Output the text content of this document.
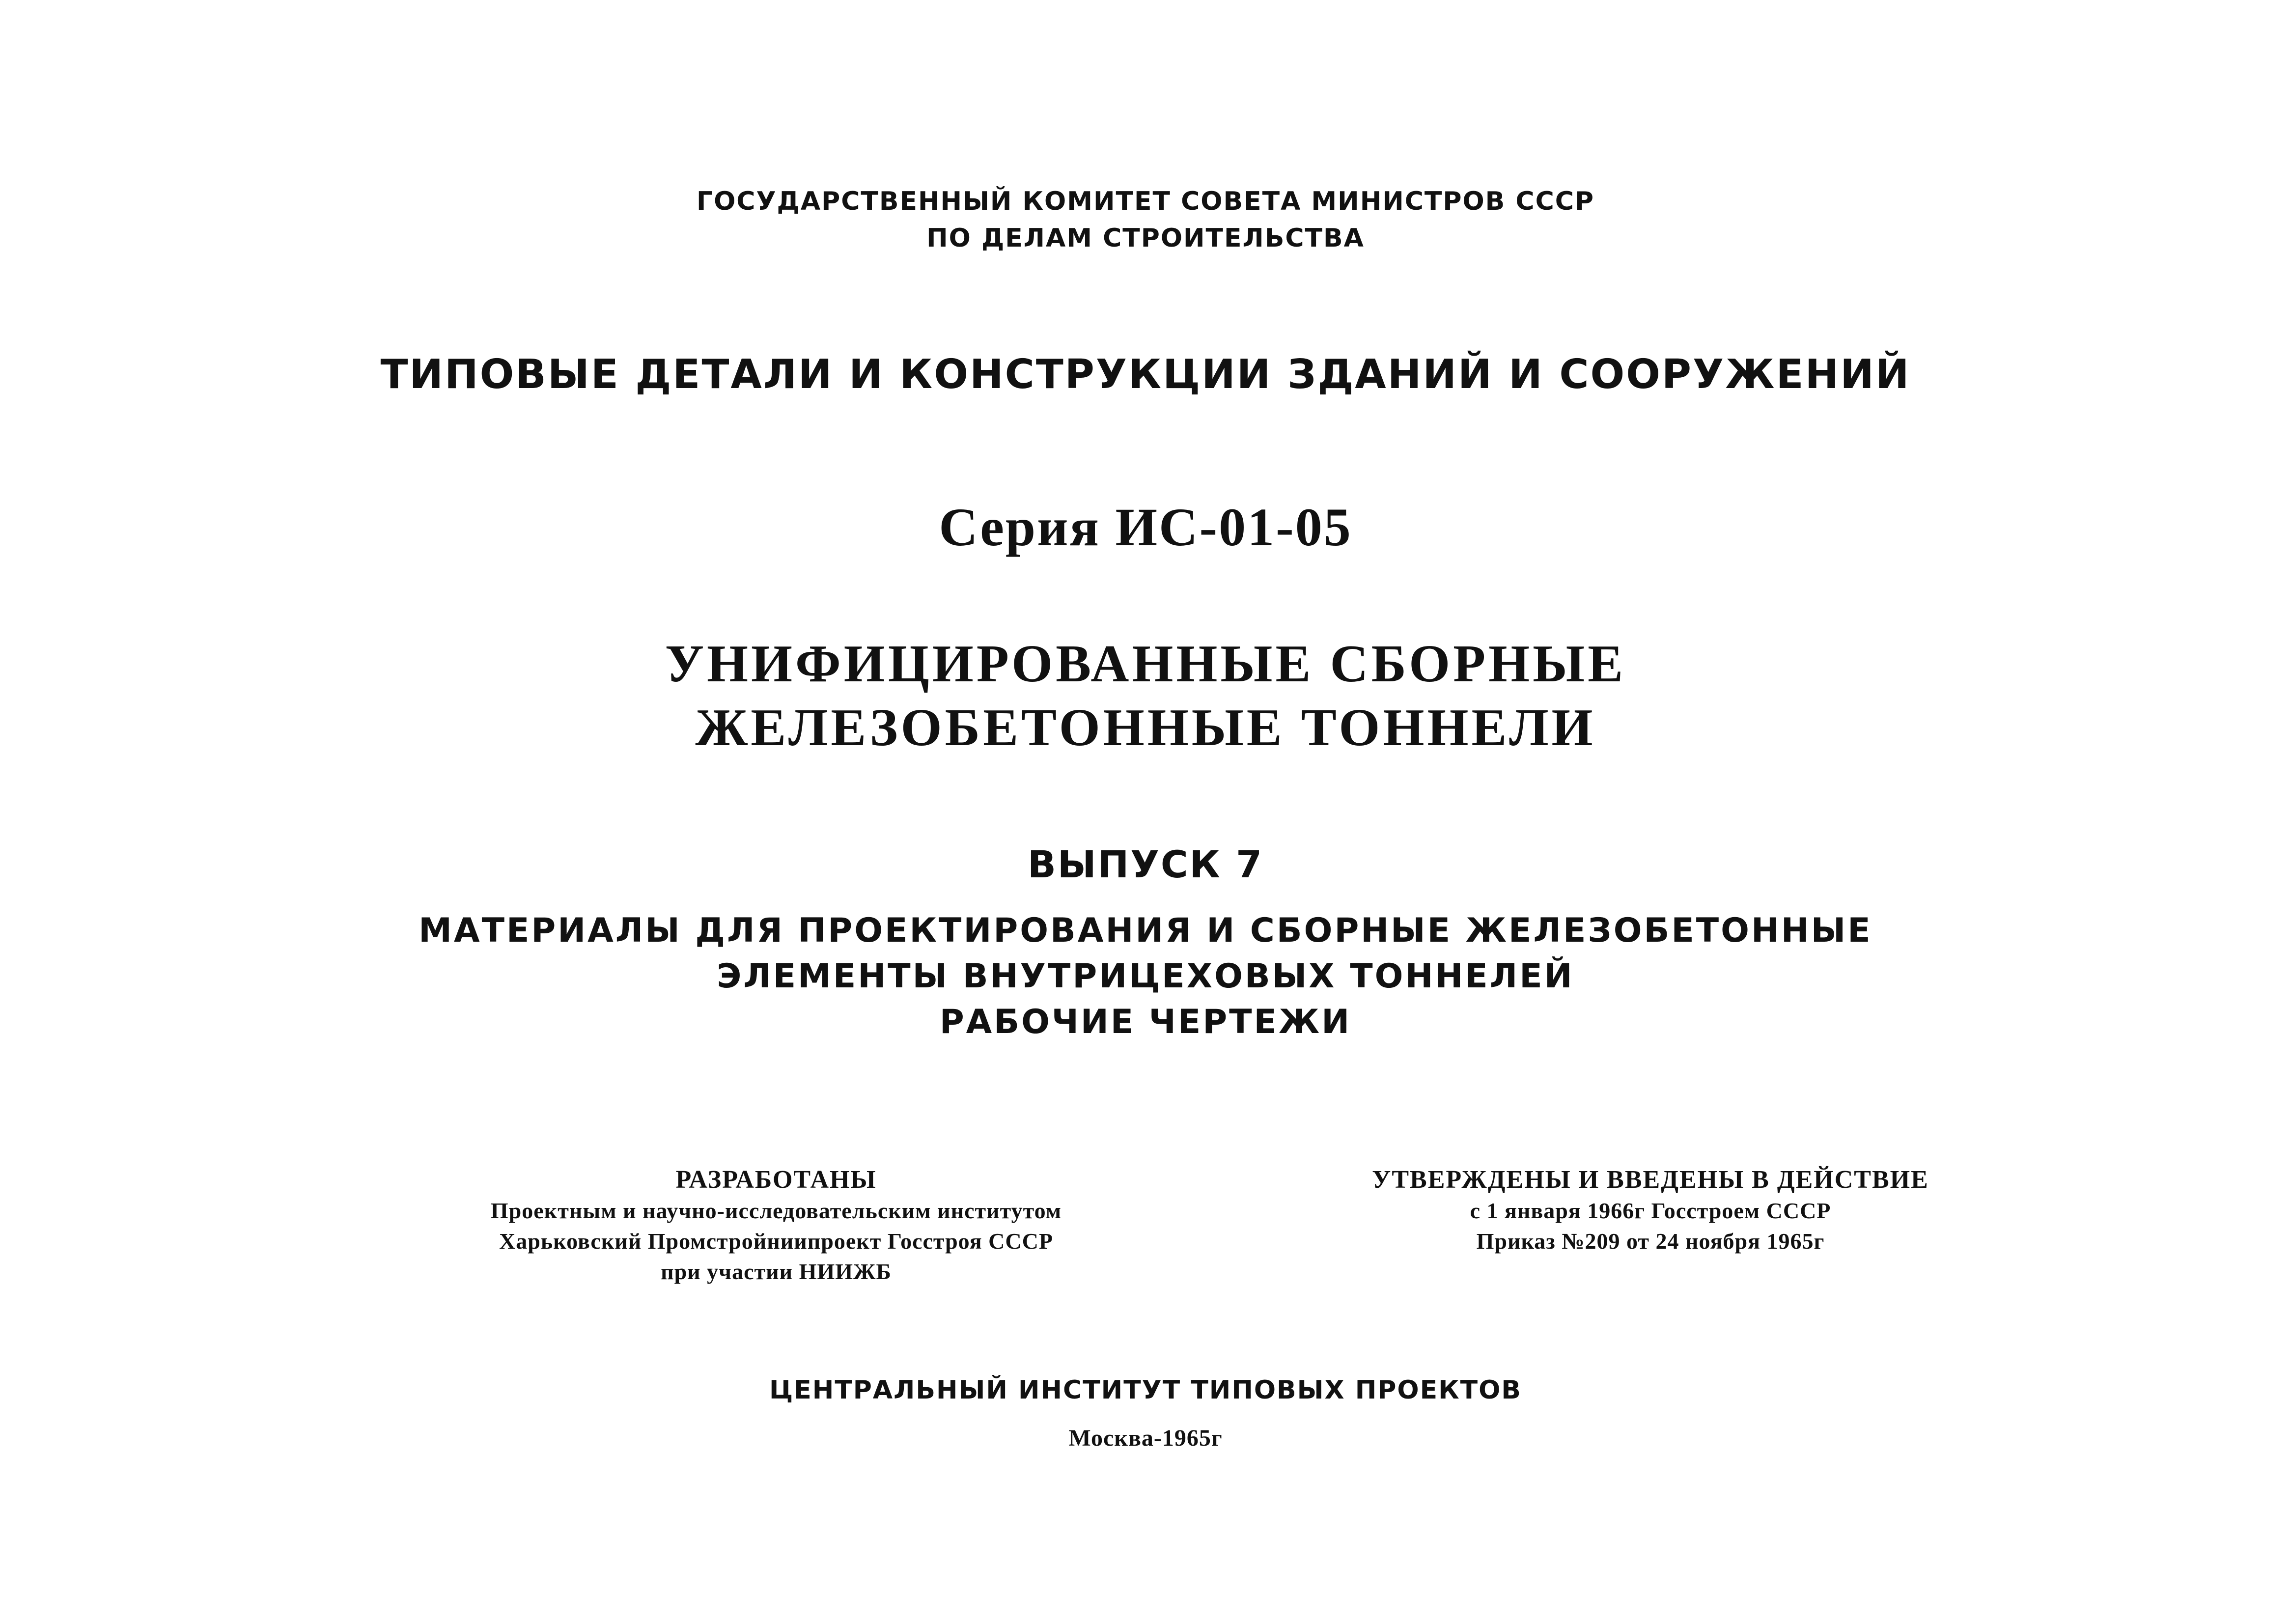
ГОСУДАРСТВЕННЫЙ КОМИТЕТ СОВЕТА МИНИСТРОВ СССР

ПО ДЕЛАМ СТРОИТЕЛЬСТВА

ТИПОВЫЕ ДЕТАЛИ И КОНСТРУКЦИИ ЗДАНИЙ И СООРУЖЕНИЙ

Серия ИС-01-05

УНИФИЦИРОВАННЫЕ СБОРНЫЕ

ЖЕЛЕЗОБЕТОННЫЕ ТОННЕЛИ

ВЫПУСК 7

МАТЕРИАЛЫ ДЛЯ ПРОЕКТИРОВАНИЯ И СБОРНЫЕ ЖЕЛЕЗОБЕТОННЫЕ

ЭЛЕМЕНТЫ ВНУТРИЦЕХОВЫХ ТОННЕЛЕЙ

РАБОЧИЕ ЧЕРТЕЖИ

РАЗРАБОТАНЫ
Проектным и научно-исследовательским институтом
Харьковский Промстройниипроект Госстроя СССР
при участии НИИЖБ
УТВЕРЖДЕНЫ И ВВЕДЕНЫ В ДЕЙСТВИЕ
с 1 января 1966г Госстроем СССР
Приказ №209 от 24 ноября 1965г

ЦЕНТРАЛЬНЫЙ ИНСТИТУТ ТИПОВЫХ ПРОЕКТОВ

Москва-1965г
